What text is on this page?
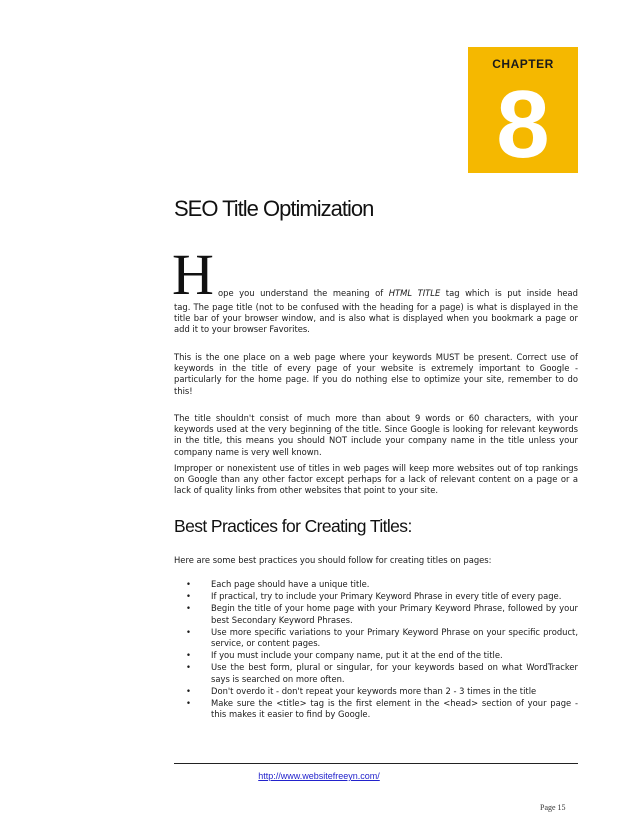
CHAPTER
8
SEO Title Optimization
H ope you understand the meaning of HTML TITLE tag which is put inside head
tag. The page title (not to be confused with the heading for a page) is what is displayed in the title bar of your browser window, and is also what is displayed when you bookmark a page or add it to your browser Favorites.
This is the one place on a web page where your keywords MUST be present. Correct use of keywords in the title of every page of your website is extremely important to Google - particularly for the home page. If you do nothing else to optimize your site, remember to do this!
The title shouldn't consist of much more than about 9 words or 60 characters, with your keywords used at the very beginning of the title. Since Google is looking for relevant keywords in the title, this means you should NOT include your company name in the title unless your company name is very well known.
Improper or nonexistent use of titles in web pages will keep more websites out of top rankings on Google than any other factor except perhaps for a lack of relevant content on a page or a lack of quality links from other websites that point to your site.
Best Practices for Creating Titles:
Here are some best practices you should follow for creating titles on pages:
• Each page should have a unique title.
• If practical, try to include your Primary Keyword Phrase in every title of every page.
• Begin the title of your home page with your Primary Keyword Phrase, followed by your best Secondary Keyword Phrases.
• Use more specific variations to your Primary Keyword Phrase on your specific product, service, or content pages.
• If you must include your company name, put it at the end of the title.
• Use the best form, plural or singular, for your keywords based on what WordTracker says is searched on more often.
• Don't overdo it - don't repeat your keywords more than 2 - 3 times in the title
• Make sure the <title> tag is the first element in the <head> section of your page - this makes it easier to find by Google.
http://www.websitefreeyn.com/
Page 15
